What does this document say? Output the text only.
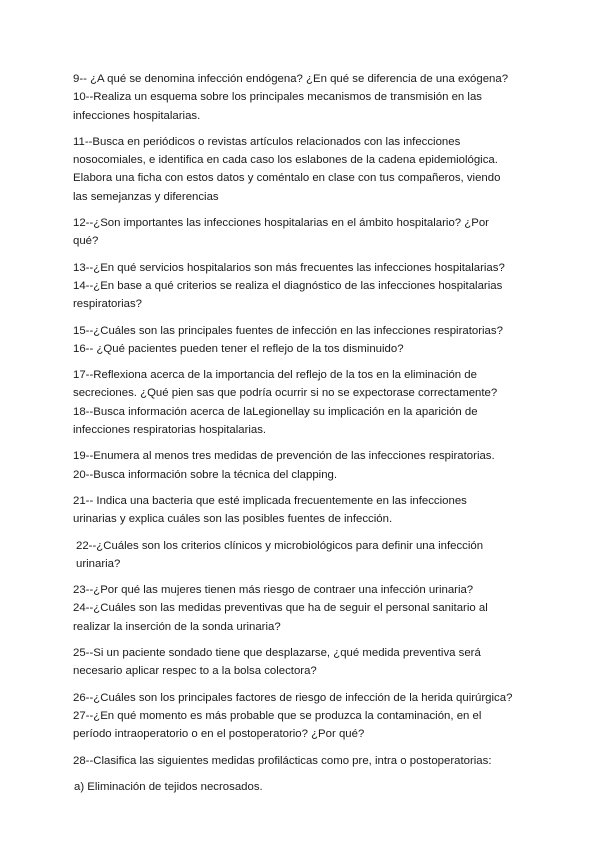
9-- ¿A qué se denomina infección endógena? ¿En qué se diferencia de una exógena?
10--Realiza un esquema sobre los principales mecanismos de transmisión en las
infecciones hospitalarias.
11--Busca en periódicos o revistas artículos relacionados con las infecciones
nosocomiales, e identifica en cada caso los eslabones de la cadena epidemiológica.
Elabora una ficha con estos datos y coméntalo en clase con tus compañeros, viendo
las semejanzas y diferencias
12--¿Son importantes las infecciones hospitalarias en el ámbito hospitalario? ¿Por
qué?
13--¿En qué servicios hospitalarios son más frecuentes las infecciones hospitalarias?
14--¿En base a qué criterios se realiza el diagnóstico de las infecciones hospitalarias
respiratorias?
15--¿Cuáles son las principales fuentes de infección en las infecciones respiratorias?
16-- ¿Qué pacientes pueden tener el reflejo de la tos disminuido?
17--Reflexiona acerca de la importancia del reflejo de la tos en la eliminación de
secreciones. ¿Qué pien sas que podría ocurrir si no se expectorase correctamente?
18--Busca información acerca de laLegionellay su implicación en la aparición de
infecciones respiratorias hospitalarias.
19--Enumera al menos tres medidas de prevención de las infecciones respiratorias.
20--Busca información sobre la técnica del clapping.
21-- Indica una bacteria que esté implicada frecuentemente en las infecciones
urinarias y explica cuáles son las posibles fuentes de infección.
22--¿Cuáles son los criterios clínicos y microbiológicos para definir una infección
urinaria?
23--¿Por qué las mujeres tienen más riesgo de contraer una infección urinaria?
24--¿Cuáles son las medidas preventivas que ha de seguir el personal sanitario al
realizar la inserción de la sonda urinaria?
25--Si un paciente sondado tiene que desplazarse, ¿qué medida preventiva será
necesario aplicar respec to a la bolsa colectora?
26--¿Cuáles son los principales factores de riesgo de infección de la herida quirúrgica?
27--¿En qué momento es más probable que se produzca la contaminación, en el
período intraoperatorio o en el postoperatorio? ¿Por qué?
28--Clasifica las siguientes medidas profilácticas como pre, intra o postoperatorias:
a) Eliminación de tejidos necrosados.
